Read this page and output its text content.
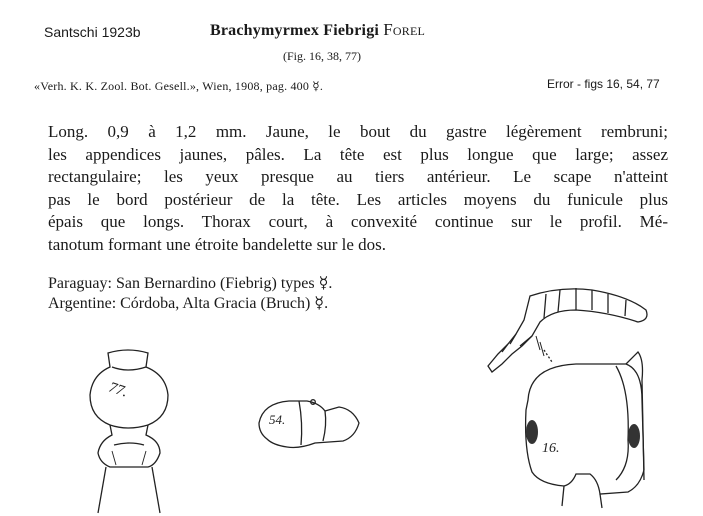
Santschi 1923b	Brachymyrmex Fiebrigi Forel
(Fig. 16, 38, 77)
«Verh. K. K. Zool. Bot. Gesell.», Wien, 1908, pag. 400 ☿.	Error - figs 16, 54, 77
Long. 0,9 à 1,2 mm. Jaune, le bout du gastre légèrement rembruni;
les appendices jaunes, pâles. La tête est plus longue que large; assez
rectangulaire; les yeux presque au tiers antérieur. Le scape n'atteint
pas le bord postérieur de la tête. Les articles moyens du funicule plus
épais que longs. Thorax court, à convexité continue sur le profil. Mé-
tanotum formant une étroite bandelette sur le dos.
Paraguay: San Bernardino (Fiebrig) types ☿.
Argentine: Córdoba, Alta Gracia (Bruch) ☿.
77.
54.
16.
